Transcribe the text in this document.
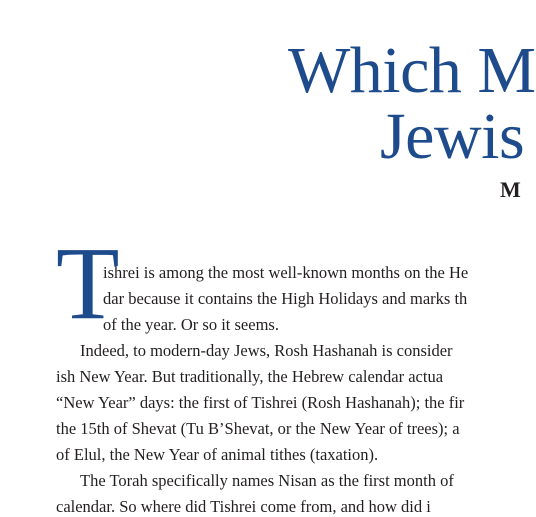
Which M
Jewis
M
T
ishrei is among the most well-known months on the He
dar because it contains the High Holidays and marks th
of the year. Or so it seems.
Indeed, to modern-day Jews, Rosh Hashanah is consider
ish New Year. But traditionally, the Hebrew calendar actua
“New Year” days: the first of Tishrei (Rosh Hashanah); the fir
the 15th of Shevat (Tu B’Shevat, or the New Year of trees); a
of Elul, the New Year of animal tithes (taxation).
The Torah specifically names Nisan as the first month of
calendar. So where did Tishrei come from, and how did i
